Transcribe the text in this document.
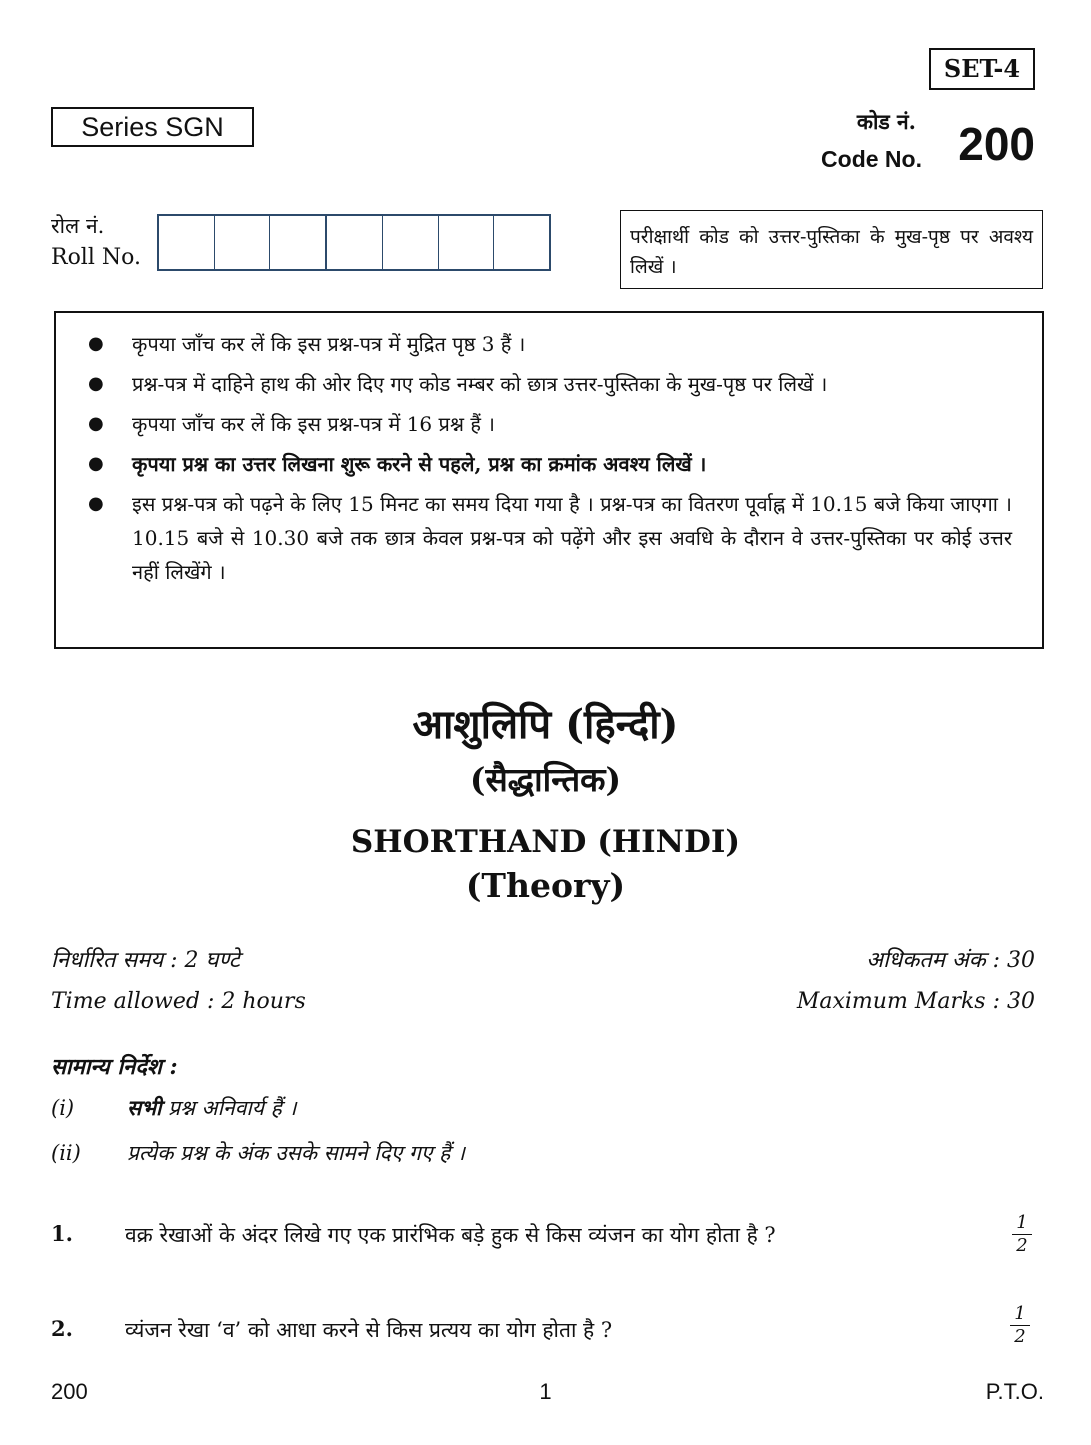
SET-4
Series SGN	कोड नं.
Code No. 200
रोल नं.
Roll No.
परीक्षार्थी कोड को उत्तर-पुस्तिका के मुख-पृष्ठ पर अवश्य लिखें ।
● कृपया जाँच कर लें कि इस प्रश्न-पत्र में मुद्रित पृष्ठ 3 हैं ।
● प्रश्न-पत्र में दाहिने हाथ की ओर दिए गए कोड नम्बर को छात्र उत्तर-पुस्तिका के मुख-पृष्ठ पर लिखें ।
● कृपया जाँच कर लें कि इस प्रश्न-पत्र में 16 प्रश्न हैं ।
● कृपया प्रश्न का उत्तर लिखना शुरू करने से पहले, प्रश्न का क्रमांक अवश्य लिखें ।
● इस प्रश्न-पत्र को पढ़ने के लिए 15 मिनट का समय दिया गया है । प्रश्न-पत्र का वितरण पूर्वाह्न में 10.15 बजे किया जाएगा । 10.15 बजे से 10.30 बजे तक छात्र केवल प्रश्न-पत्र को पढ़ेंगे और इस अवधि के दौरान वे उत्तर-पुस्तिका पर कोई उत्तर नहीं लिखेंगे ।
आशुलिपि (हिन्दी)
(सैद्धान्तिक)
SHORTHAND (HINDI)
(Theory)
निर्धारित समय : 2 घण्टे	अधिकतम अंक : 30
Time allowed : 2 hours	Maximum Marks : 30
सामान्य निर्देश :
(i)	सभी प्रश्न अनिवार्य हैं ।
(ii) प्रत्येक प्रश्न के अंक उसके सामने दिए गए हैं ।
1. वक्र रेखाओं के अंदर लिखे गए एक प्रारंभिक बड़े हुक से किस व्यंजन का योग होता है ?
1
2
2. व्यंजन रेखा ‘व’ को आधा करने से किस प्रत्यय का योग होता है ?
1
2
200	1	P.T.O.
